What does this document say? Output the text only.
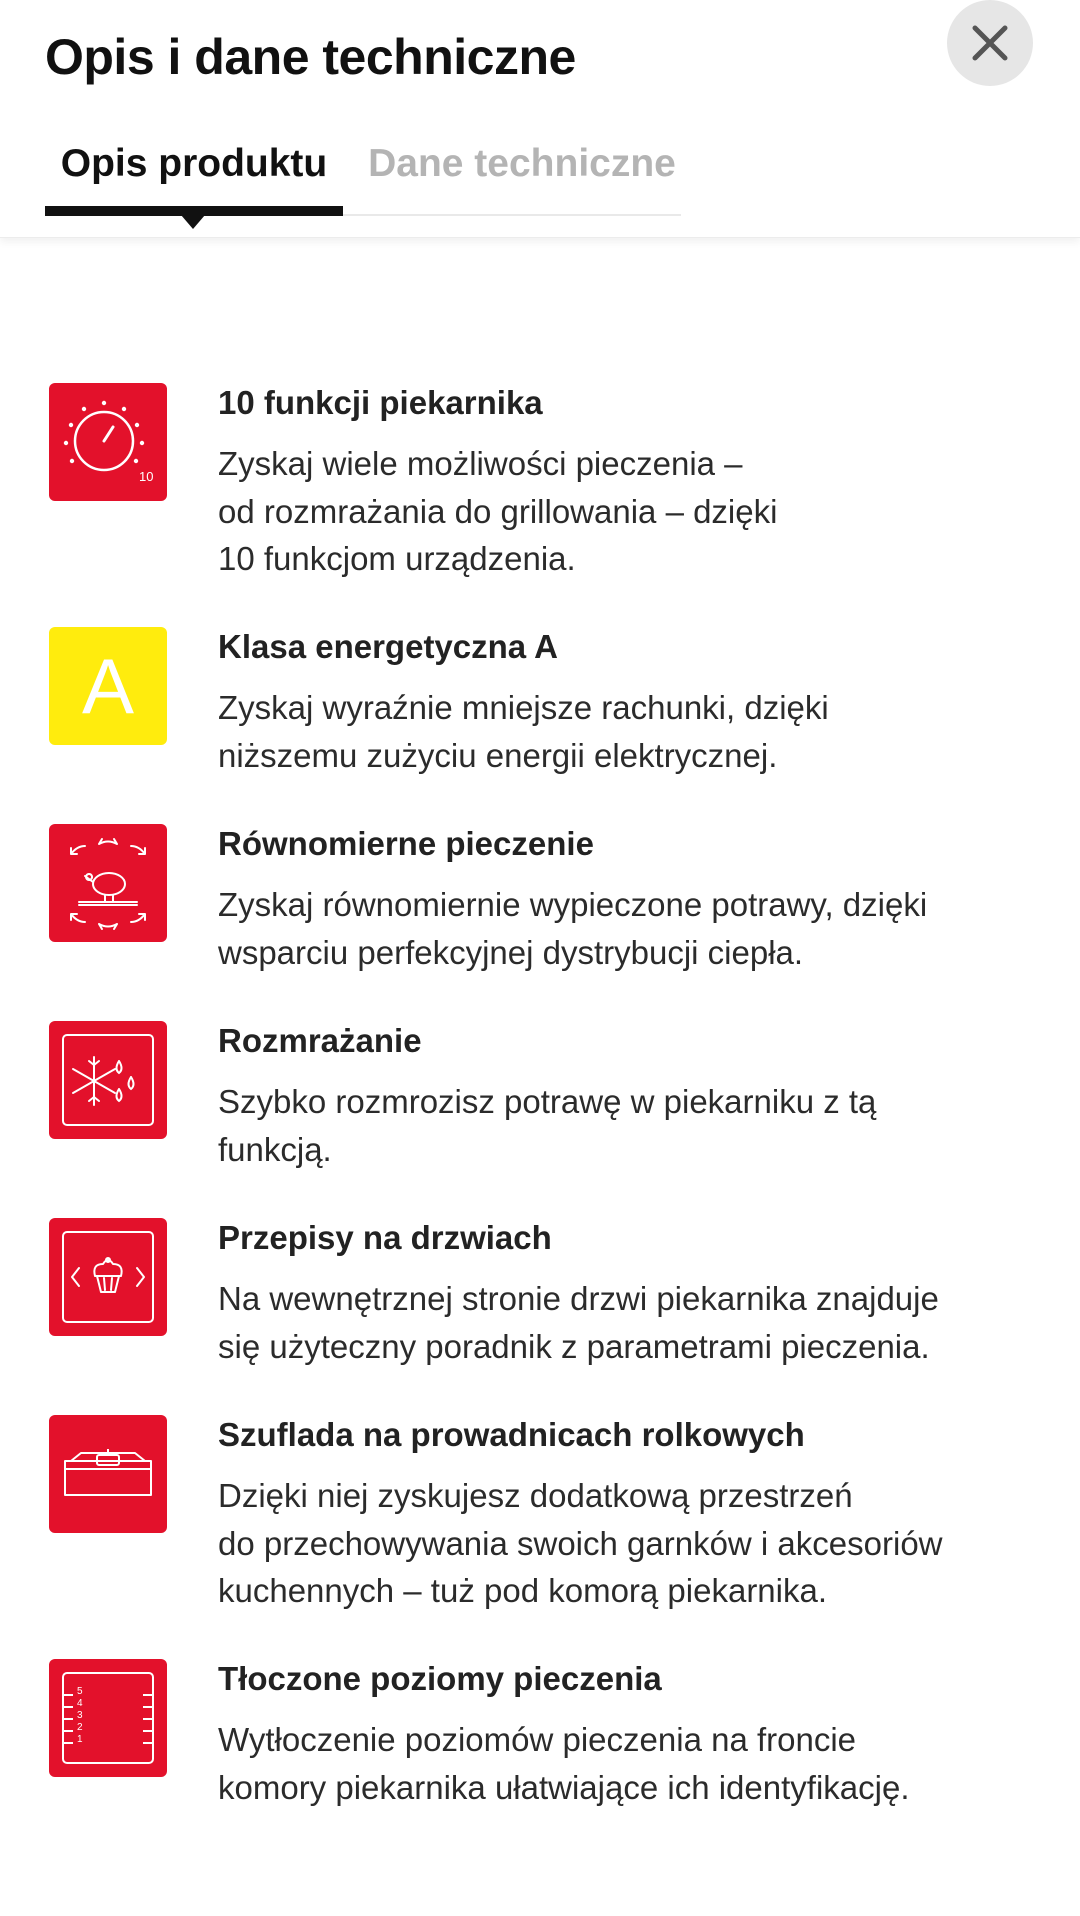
Opis i dane techniczne
Opis produktu	Dane techniczne
10
10 funkcji piekarnika
Zyskaj wiele możliwości pieczenia –
od rozmrażania do grillowania – dzięki
10 funkcjom urządzenia.
A	Klasa energetyczna A
Zyskaj wyraźnie mniejsze rachunki, dzięki
niższemu zużyciu energii elektrycznej.
Równomierne pieczenie
Zyskaj równomiernie wypieczone potrawy, dzięki
wsparciu perfekcyjnej dystrybucji ciepła.
Rozmrażanie
Szybko rozmrozisz potrawę w piekarniku z tą
funkcją.
Przepisy na drzwiach
Na wewnętrznej stronie drzwi piekarnika znajduje
się użyteczny poradnik z parametrami pieczenia.
Szuflada na prowadnicach rolkowych
Dzięki niej zyskujesz dodatkową przestrzeń
do przechowywania swoich garnków i akcesoriów
kuchennych – tuż pod komorą piekarnika.
5
4
3
2
1
Tłoczone poziomy pieczenia
Wytłoczenie poziomów pieczenia na froncie
komory piekarnika ułatwiające ich identyfikację.
